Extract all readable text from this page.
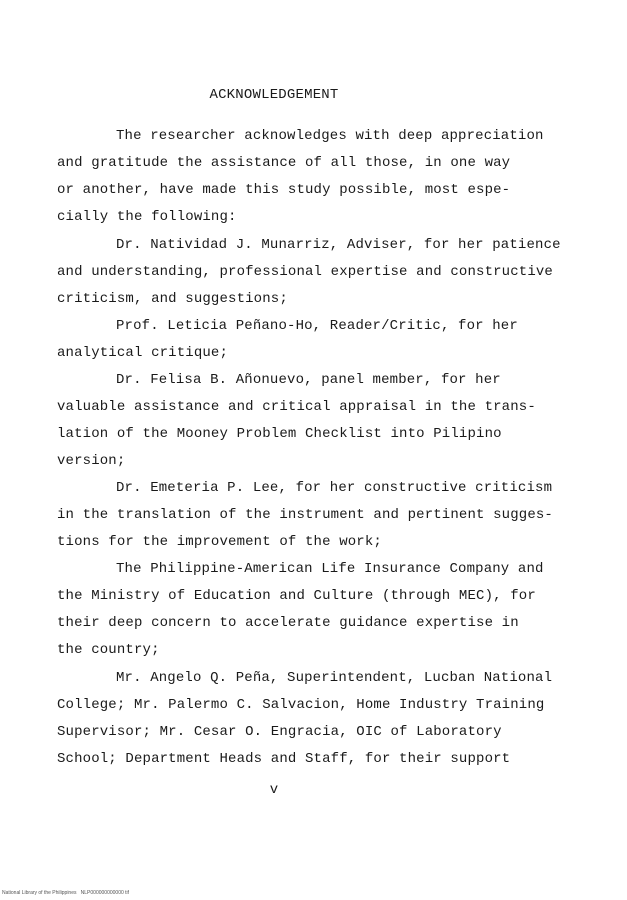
ACKNOWLEDGEMENT
The researcher acknowledges with deep appreciation
and gratitude the assistance of all those, in one way
or another, have made this study possible, most espe-
cially the following:
Dr. Natividad J. Munarriz, Adviser, for her patience
and understanding, professional expertise and constructive
criticism, and suggestions;
Prof. Leticia Peñano-Ho, Reader/Critic, for her
analytical critique;
Dr. Felisa B. Añonuevo, panel member, for her
valuable assistance and critical appraisal in the trans-
lation of the Mooney Problem Checklist into Pilipino
version;
Dr. Emeteria P. Lee, for her constructive criticism
in the translation of the instrument and pertinent sugges-
tions for the improvement of the work;
The Philippine-American Life Insurance Company and
the Ministry of Education and Culture (through MEC), for
their deep concern to accelerate guidance expertise in
the country;
Mr. Angelo Q. Peña, Superintendent, Lucban National
College; Mr. Palermo C. Salvacion, Home Industry Training
Supervisor; Mr. Cesar O. Engracia, OIC of Laboratory
School; Department Heads and Staff, for their support
v
National Library of the Philippines   NLP000000000000 tif
